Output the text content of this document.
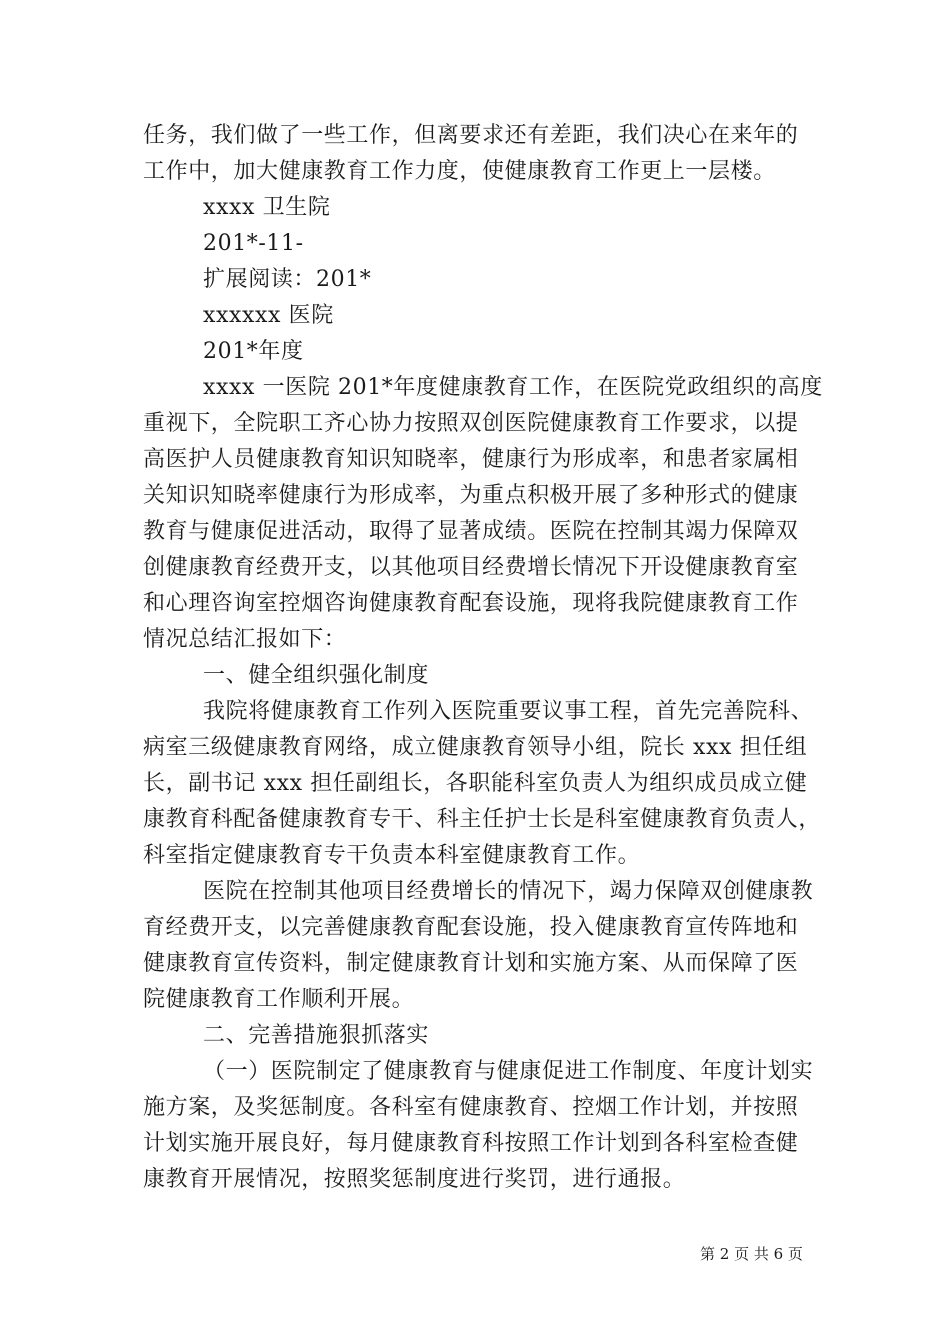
任务，我们做了一些工作，但离要求还有差距，我们决心在来年的
工作中，加大健康教育工作力度，使健康教育工作更上一层楼。
xxxx 卫生院
201*-11-
扩展阅读：201*
xxxxxx 医院
201*年度
xxxx 一医院 201*年度健康教育工作，在医院党政组织的高度
重视下，全院职工齐心协力按照双创医院健康教育工作要求，以提
高医护人员健康教育知识知晓率，健康行为形成率，和患者家属相
关知识知晓率健康行为形成率，为重点积极开展了多种形式的健康
教育与健康促进活动，取得了显著成绩。医院在控制其竭力保障双
创健康教育经费开支，以其他项目经费增长情况下开设健康教育室
和心理咨询室控烟咨询健康教育配套设施，现将我院健康教育工作
情况总结汇报如下：
一、健全组织强化制度
我院将健康教育工作列入医院重要议事工程，首先完善院科、
病室三级健康教育网络，成立健康教育领导小组，院长 xxx 担任组
长，副书记 xxx 担任副组长，各职能科室负责人为组织成员成立健
康教育科配备健康教育专干、科主任护士长是科室健康教育负责人，
科室指定健康教育专干负责本科室健康教育工作。
医院在控制其他项目经费增长的情况下，竭力保障双创健康教
育经费开支，以完善健康教育配套设施，投入健康教育宣传阵地和
健康教育宣传资料，制定健康教育计划和实施方案、从而保障了医
院健康教育工作顺利开展。
二、完善措施狠抓落实
（一）医院制定了健康教育与健康促进工作制度、年度计划实
施方案，及奖惩制度。各科室有健康教育、控烟工作计划，并按照
计划实施开展良好，每月健康教育科按照工作计划到各科室检查健
康教育开展情况，按照奖惩制度进行奖罚，进行通报。
第 2 页 共 6 页
